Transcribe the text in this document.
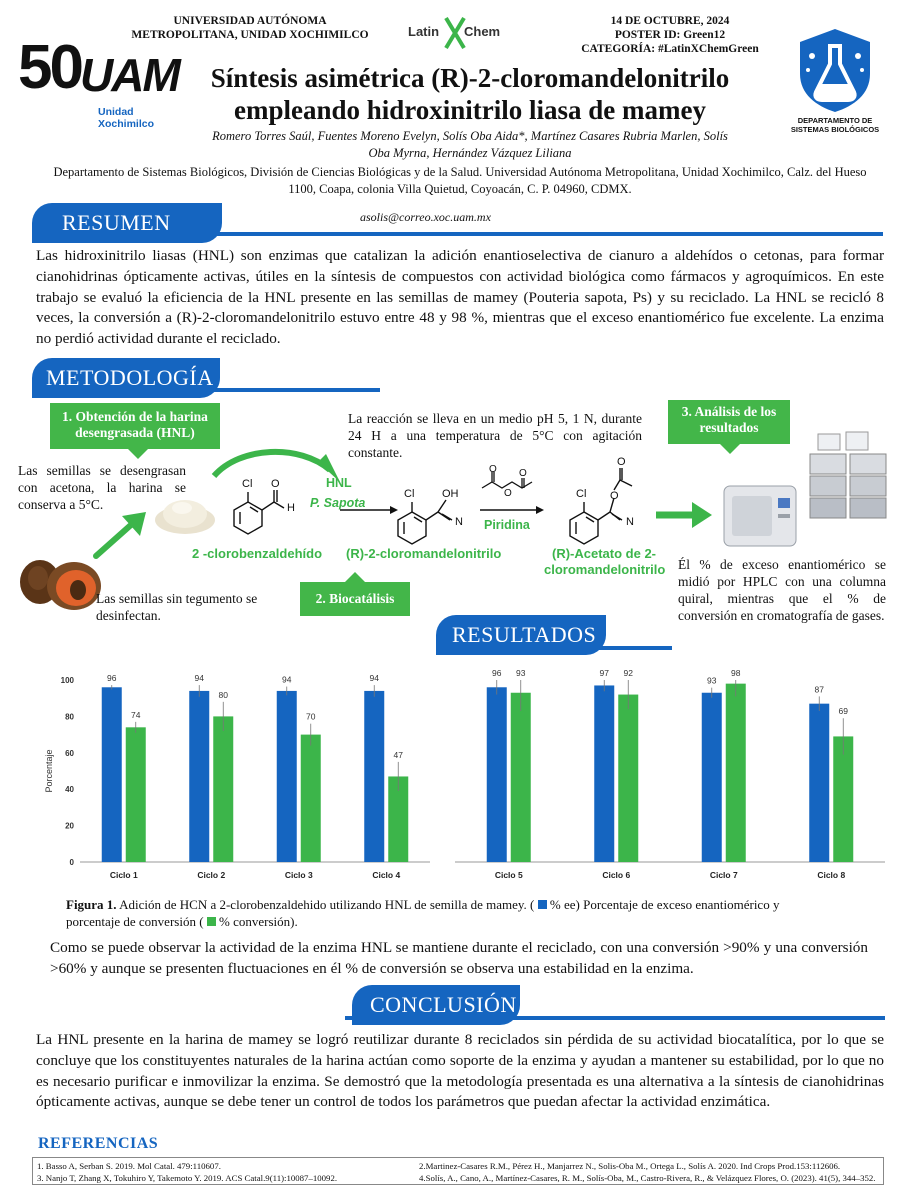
50 UAM
Unidad Xochimilco
UNIVERSIDAD AUTÓNOMA
METROPOLITANA, UNIDAD XOCHIMILCO	Latin Chem
14 DE OCTUBRE, 2024
POSTER ID: Green12
CATEGORÍA: #LatinXChemGreen
DEPARTAMENTO DE
SISTEMAS BIOLÓGICOS
Síntesis asimétrica (R)-2-cloromandelonitrilo
empleando hidroxinitrilo liasa de mamey
Romero Torres Saúl, Fuentes Moreno Evelyn, Solís Oba Aida*, Martínez Casares Rubria Marlen, Solís
Oba Myrna, Hernández Vázquez Liliana
Departamento de Sistemas Biológicos, División de Ciencias Biológicas y de la Salud. Universidad Autónoma Metropolitana, Unidad Xochimilco, Calz. del Hueso
1100, Coapa, colonia Villa Quietud, Coyoacán, C. P. 04960, CDMX.
RESUMEN	asolis@correo.xoc.uam.mx
Las hidroxinitrilo liasas (HNL) son enzimas que catalizan la adición enantioselectiva de cianuro a aldehídos o cetonas, para formar cianohidrinas ópticamente activas, útiles en la síntesis de compuestos con actividad biológica como fármacos y agroquímicos. En este trabajo se evaluó la eficiencia de la HNL presente en las semillas de mamey (Pouteria sapota, Ps) y su reciclado. La HNL se recicló 8 veces, la conversión a (R)-2-cloromandelonitrilo estuvo entre 48 y 98 %, mientras que el exceso enantiomérico fue excelente. La enzima no perdió actividad durante el reciclado.
METODOLOGÍA
1. Obtención de la harina desengrasada (HNL)
Las semillas se desengrasan con acetona, la harina se conserva a 5°C.
Las semillas sin tegumento se desinfectan.
La reacción se lleva en un medio pH 5, 1 N, durante 24 H a una temperatura de 5°C con agitación constante.
3. Análisis de los resultados
Cl O
H
Cl	OH
N
O
O
O
Cl O
O
N
HNL
P. Sapota
Piridina
2 -clorobenzaldehído (R)-2-cloromandelonitrilo	(R)-Acetato de 2-
cloromandelonitrilo
2. Biocatálisis
Él % de exceso enantiomérico se midió por HPLC con una columna quiral, mientras que el % de conversión en cromatografía de gases.
RESULTADOS
0
20
40
60
80
100
Porcentaje
96
74
Ciclo 1
94
80
Ciclo 2
94
70
Ciclo 3
94
47
Ciclo 4
96 93
Ciclo 5
97 92
Ciclo 6
93
98
Ciclo 7
87
69
Ciclo 8
Figura 1. Adición de HCN a 2-clorobenzaldehido utilizando HNL de semilla de mamey. ( % ee) Porcentaje de exceso enantiomérico y
porcentaje de conversión ( % conversión).
Como se puede observar la actividad de la enzima HNL se mantiene durante el reciclado, con una conversión >90% y una conversión >60% y aunque se presenten fluctuaciones en él % de conversión se observa una estabilidad en la enzima.
CONCLUSIÓN
La HNL presente en la harina de mamey se logró reutilizar durante 8 reciclados sin pérdida de su actividad biocatalítica, por lo que se concluye que los constituyentes naturales de la harina actúan como soporte de la enzima y ayudan a mantener su estabilidad, por lo que no es necesario purificar e inmovilizar la enzima. Se demostró que la metodología presentada es una alternativa a la síntesis de cianohidrinas ópticamente activas, aunque se debe tener un control de todos los parámetros que puedan afectar la actividad enzimática.
REFERENCIAS
1. Basso A, Serban S. 2019. Mol Catal. 479:110607.	2.Martinez-Casares R.M., Pérez H., Manjarrez N., Solis-Oba M., Ortega L., Solís A. 2020. Ind Crops Prod.153:112606.
3. Nanjo T, Zhang X, Tokuhiro Y, Takemoto Y. 2019. ACS Catal.9(11):10087–10092.	4.Solís, A., Cano, A., Martínez-Casares, R. M., Solís-Oba, M., Castro-Rivera, R., & Velázquez Flores, O. (2023). 41(5), 344–352.
